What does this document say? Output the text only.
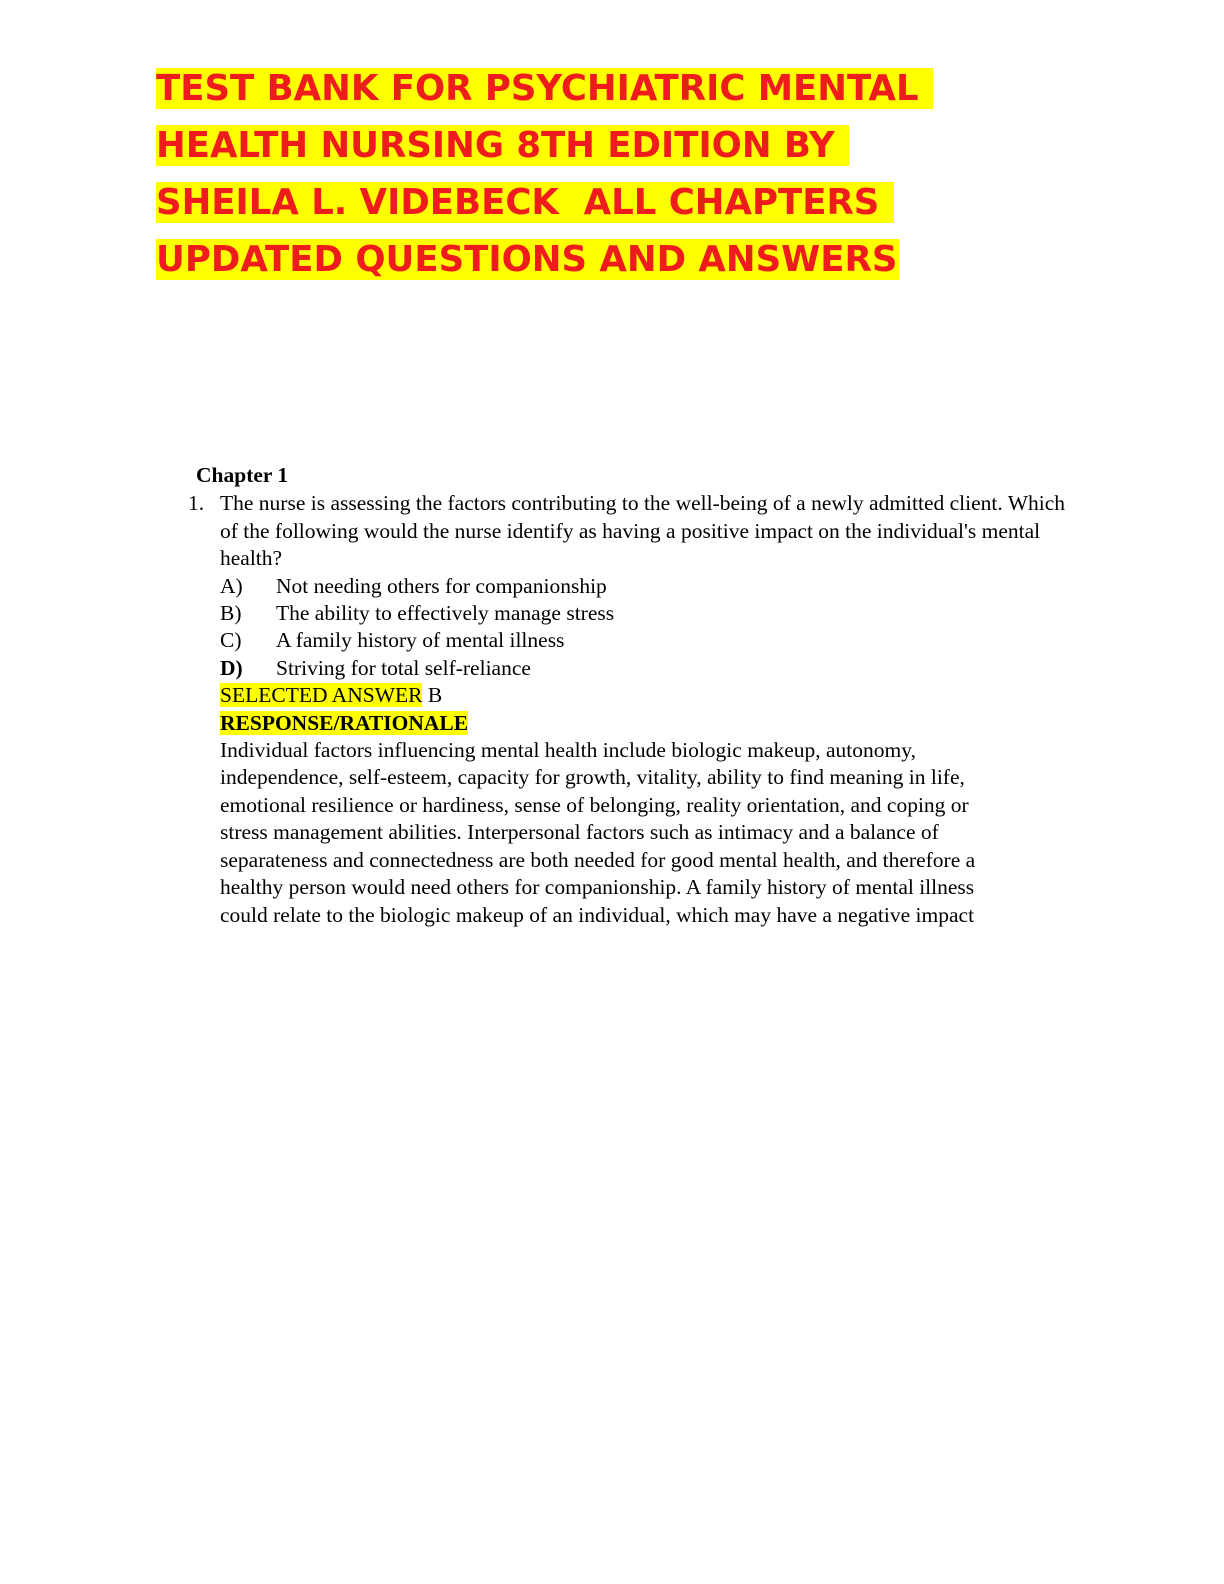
TEST BANK FOR PSYCHIATRIC MENTAL
HEALTH NURSING 8TH EDITION BY
SHEILA L. VIDEBECK  ALL CHAPTERS
UPDATED QUESTIONS AND ANSWERS
Chapter 1
1. The nurse is assessing the factors contributing to the well-being of a newly admitted client. Which of the following would the nurse identify as having a positive impact on the individual's mental health?
A) Not needing others for companionship
B) The ability to effectively manage stress
C) A family history of mental illness
D) Striving for total self-reliance
SELECTED ANSWER B
RESPONSE/RATIONALE
Individual factors influencing mental health include biologic makeup, autonomy,
independence, self-esteem, capacity for growth, vitality, ability to find meaning in life,
emotional resilience or hardiness, sense of belonging, reality orientation, and coping or
stress management abilities. Interpersonal factors such as intimacy and a balance of
separateness and connectedness are both needed for good mental health, and therefore a
healthy person would need others for companionship. A family history of mental illness
could relate to the biologic makeup of an individual, which may have a negative impact
